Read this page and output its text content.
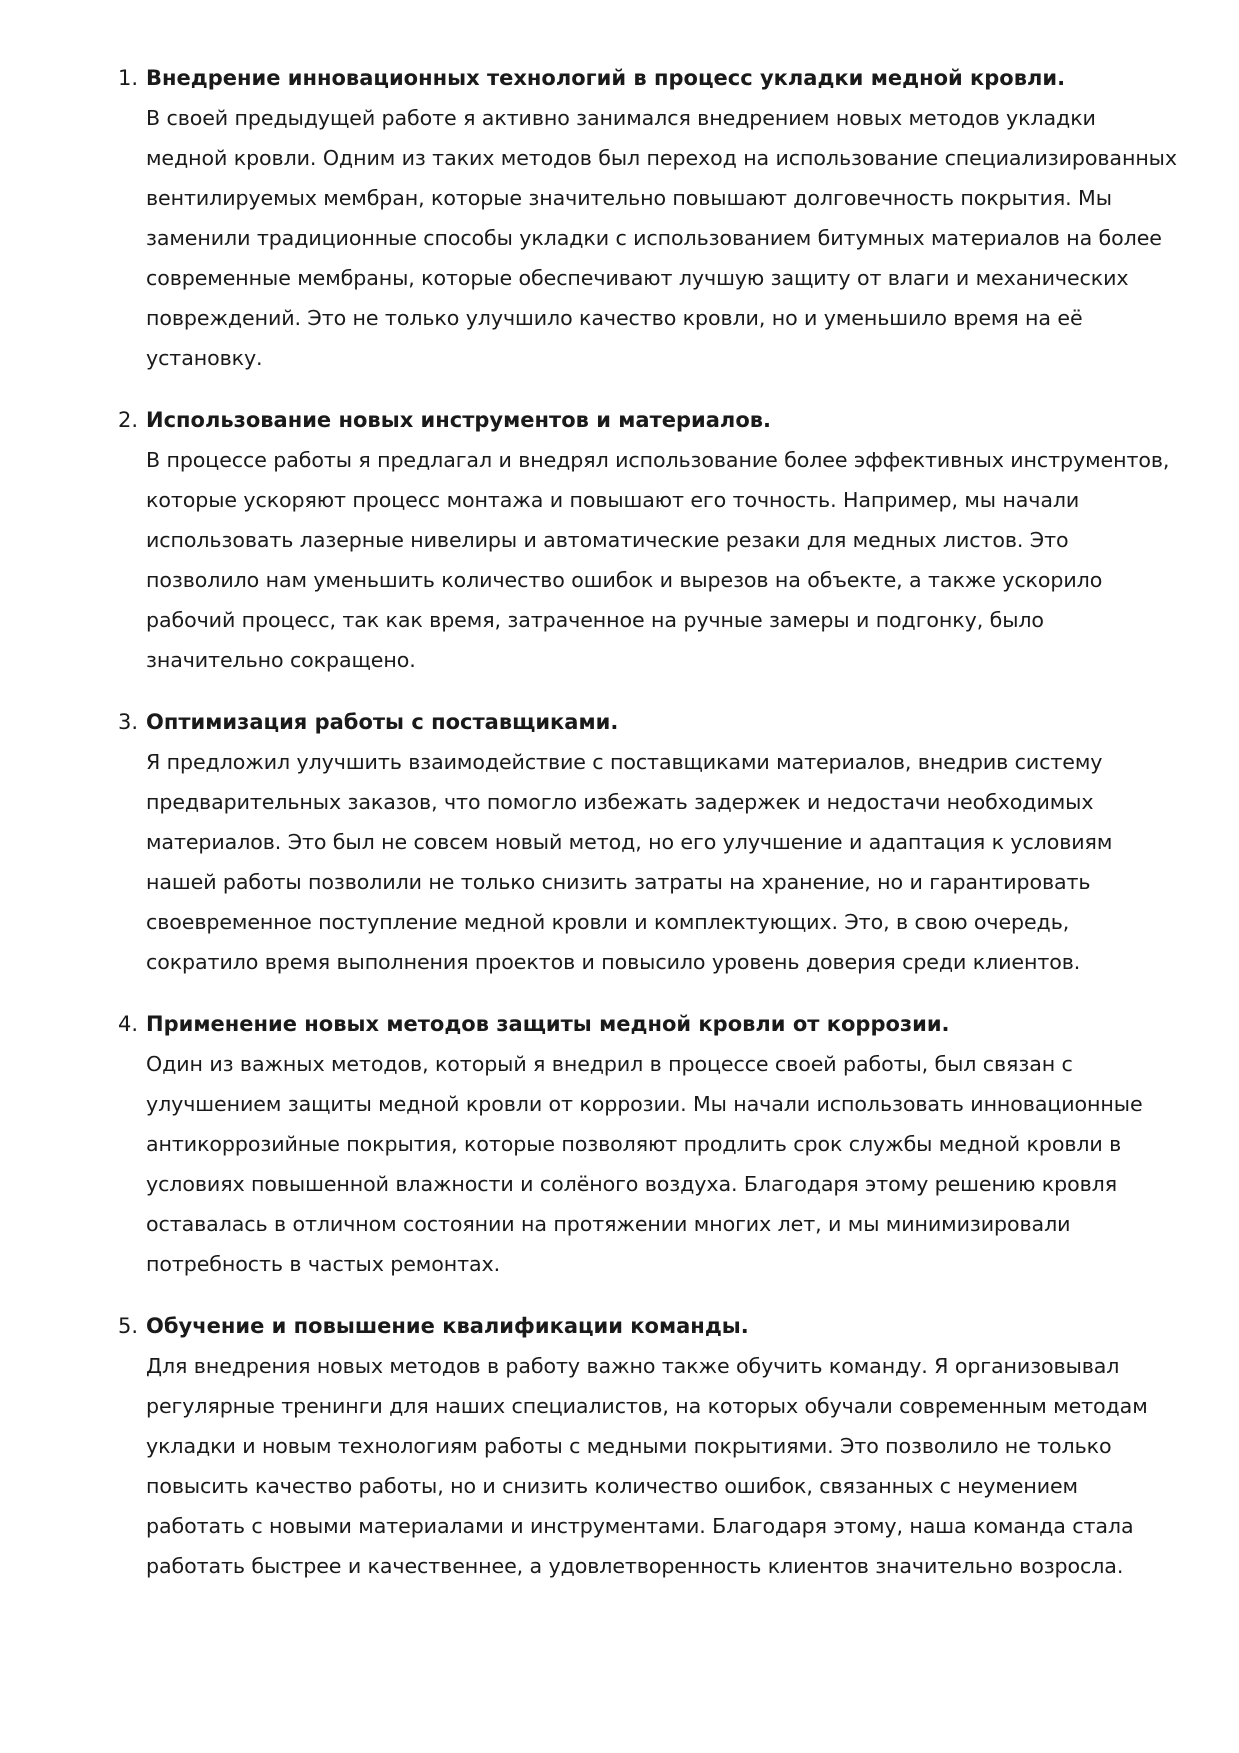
1. Внедрение инновационных технологий в процесс укладки медной кровли.

В своей предыдущей работе я активно занимался внедрением новых методов укладки медной кровли. Одним из таких методов был переход на использование специализированных вентилируемых мембран, которые значительно повышают долговечность покрытия. Мы заменили традиционные способы укладки с использованием битумных материалов на более современные мембраны, которые обеспечивают лучшую защиту от влаги и механических повреждений. Это не только улучшило качество кровли, но и уменьшило время на её установку.

2. Использование новых инструментов и материалов.

В процессе работы я предлагал и внедрял использование более эффективных инструментов, которые ускоряют процесс монтажа и повышают его точность. Например, мы начали использовать лазерные нивелиры и автоматические резаки для медных листов. Это позволило нам уменьшить количество ошибок и вырезов на объекте, а также ускорило рабочий процесс, так как время, затраченное на ручные замеры и подгонку, было значительно сокращено.

3. Оптимизация работы с поставщиками.

Я предложил улучшить взаимодействие с поставщиками материалов, внедрив систему предварительных заказов, что помогло избежать задержек и недостачи необходимых материалов. Это был не совсем новый метод, но его улучшение и адаптация к условиям нашей работы позволили не только снизить затраты на хранение, но и гарантировать своевременное поступление медной кровли и комплектующих. Это, в свою очередь, сократило время выполнения проектов и повысило уровень доверия среди клиентов.

4. Применение новых методов защиты медной кровли от коррозии.

Один из важных методов, который я внедрил в процессе своей работы, был связан с улучшением защиты медной кровли от коррозии. Мы начали использовать инновационные антикоррозийные покрытия, которые позволяют продлить срок службы медной кровли в условиях повышенной влажности и солёного воздуха. Благодаря этому решению кровля оставалась в отличном состоянии на протяжении многих лет, и мы минимизировали потребность в частых ремонтах.

5. Обучение и повышение квалификации команды.

Для внедрения новых методов в работу важно также обучить команду. Я организовывал регулярные тренинги для наших специалистов, на которых обучали современным методам укладки и новым технологиям работы с медными покрытиями. Это позволило не только повысить качество работы, но и снизить количество ошибок, связанных с неумением работать с новыми материалами и инструментами. Благодаря этому, наша команда стала работать быстрее и качественнее, а удовлетворенность клиентов значительно возросла.
